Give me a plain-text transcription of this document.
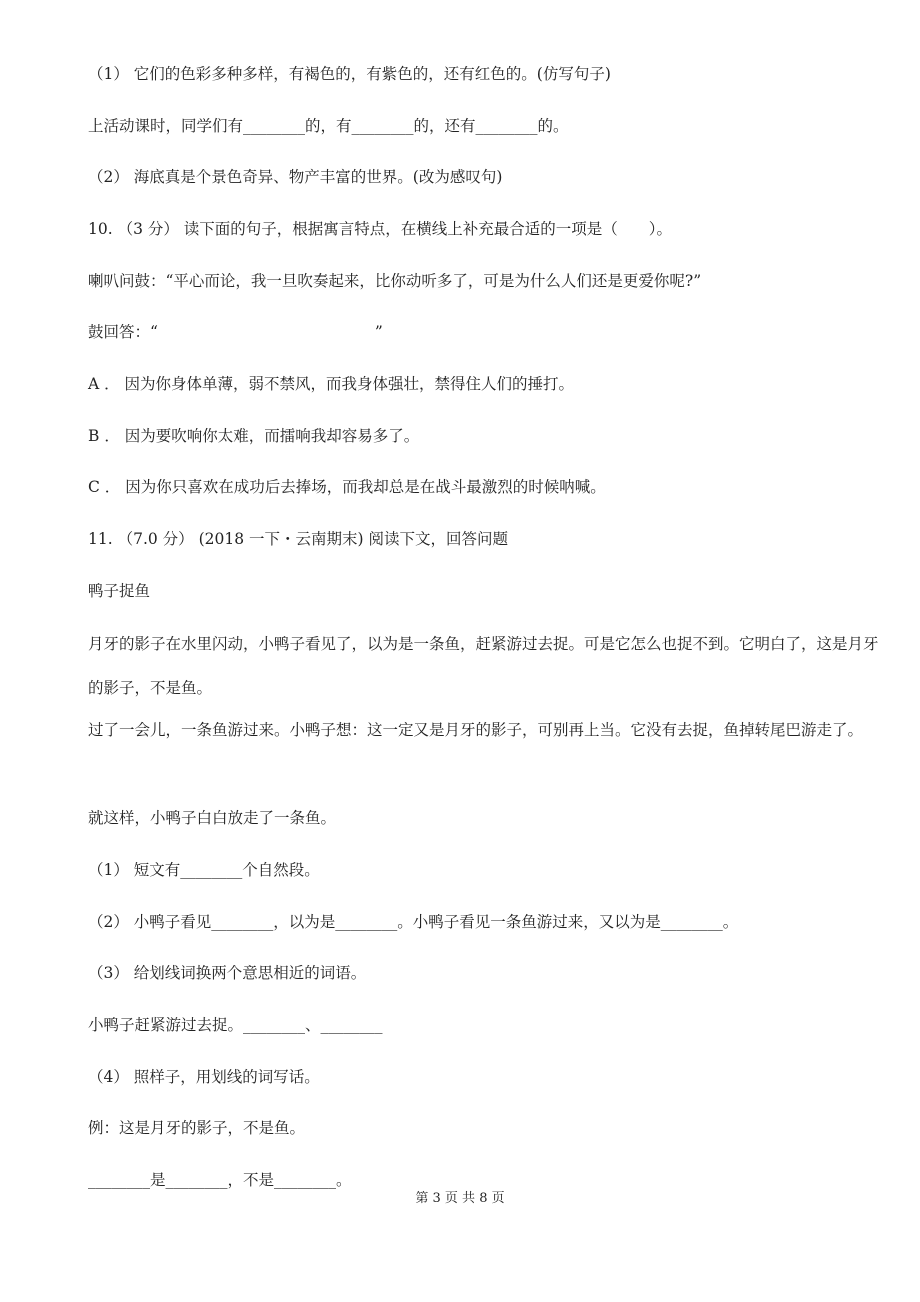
（1） 它们的色彩多种多样，有褐色的，有紫色的，还有红色的。(仿写句子)
上活动课时，同学们有________的，有________的，还有________的。
（2） 海底真是个景色奇异、物产丰富的世界。(改为感叹句)
10. （3 分） 读下面的句子，根据寓言特点，在横线上补充最合适的一项是（　　）。
喇叭问鼓：“平心而论，我一旦吹奏起来，比你动听多了，可是为什么人们还是更爱你呢?”
鼓回答：“　　　　　　　　　　　　　　”
A ． 因为你身体单薄，弱不禁风，而我身体强壮，禁得住人们的捶打。
B ． 因为要吹响你太难，而擂响我却容易多了。
C ． 因为你只喜欢在成功后去捧场，而我却总是在战斗最激烈的时候呐喊。
11. （7.0 分） (2018 一下・云南期末) 阅读下文，回答问题
鸭子捉鱼
月牙的影子在水里闪动，小鸭子看见了，以为是一条鱼，赶紧游过去捉。可是它怎么也捉不到。它明白了，这是月牙的影子，不是鱼。
过了一会儿，一条鱼游过来。小鸭子想：这一定又是月牙的影子，可别再上当。它没有去捉，鱼掉转尾巴游走了。
就这样，小鸭子白白放走了一条鱼。
（1） 短文有________个自然段。
（2） 小鸭子看见________，以为是________。小鸭子看见一条鱼游过来，又以为是________。
（3） 给划线词换两个意思相近的词语。
小鸭子赶紧游过去捉。________、________
（4） 照样子，用划线的词写话。
例：这是月牙的影子，不是鱼。
________是________，不是________。
第 3 页 共 8 页
